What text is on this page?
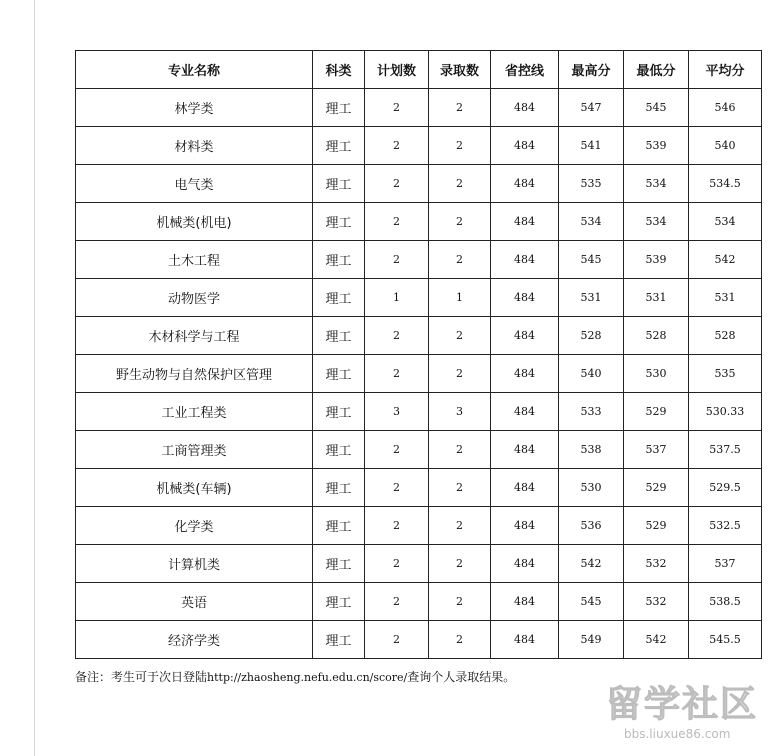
专业名称	科类	计划数	录取数	省控线	最高分	最低分	平均分
林学类	理工	2	2	484	547	545	546
材料类	理工	2	2	484	541	539	540
电气类	理工	2	2	484	535	534	534.5
机械类(机电)	理工	2	2	484	534	534	534
土木工程	理工	2	2	484	545	539	542
动物医学	理工	1	1	484	531	531	531
木材科学与工程	理工	2	2	484	528	528	528
野生动物与自然保护区管理	理工	2	2	484	540	530	535
工业工程类	理工	3	3	484	533	529	530.33
工商管理类	理工	2	2	484	538	537	537.5
机械类(车辆)	理工	2	2	484	530	529	529.5
化学类	理工	2	2	484	536	529	532.5
计算机类	理工	2	2	484	542	532	537
英语	理工	2	2	484	545	532	538.5
经济学类	理工	2	2	484	549	542	545.5
备注：考生可于次日登陆http://zhaosheng.nefu.edu.cn/score/查询个人录取结果。
留学社区
bbs.liuxue86.com
